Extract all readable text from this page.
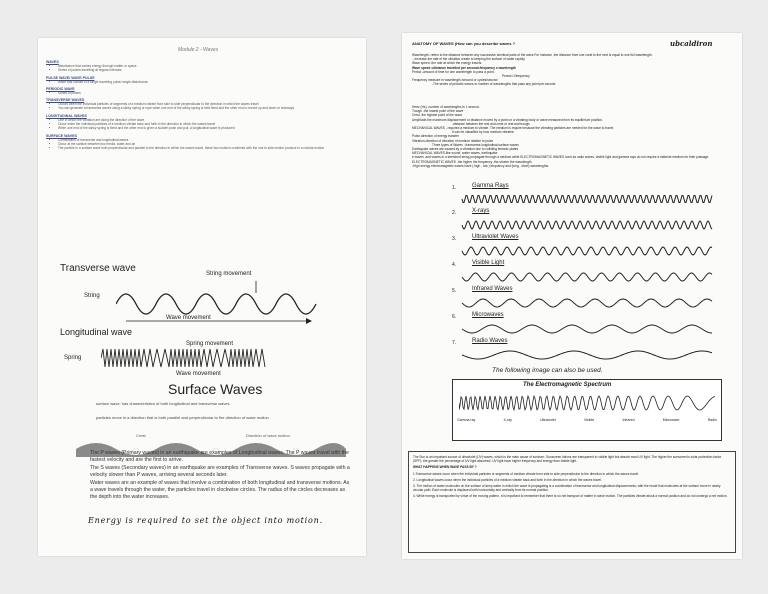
Module 2 - Waves
WAVES
• disturbance that carries energy through matter or space
• Series of pulses travelling at regular intervals
PULSE WAVE/ WAVE PULSE
• Wave that consist of a single travelling pulse/ single disturbance
PERIODIC WAVE
• Series of pulses
TRANSVERSE WAVES
• Occurs when the individual particles of segments of a medium vibrate from side to side perpendicular to the direction in which the waves travel
• You can generate a transverse waves using a slinky spring or rope when one end of the slinky spring is held fixed and the other end is moved up and down or sideways
LONGITUDINAL WAVES
• One in which the vibration are along the direction of the wave
• Occur when the individual particles of a medium vibrate back and forth in the direction in which the waves travel
• When one end of the slinky spring is fixed and the other end is given a sudden push and pull, a longitudinal wave is produced
SURFACE WAVES
• Combination of transverse and longitudinal waves
• Occur at the surface between two media, water and air
• The particle in a surface wave both perpendicular and parallel to the direction in which the waves travel, these two motions combined with the one to side motion produce in a circular motion
Transverse wave	String movement
String
Wave movement
Longitudinal wave
Spring movement
Spring
Wave movement
Surface Waves
surface wave: has characteristics of both longitudinal and transverse waves
particles move in a direction that is both parallel and perpendicular to the direction of wave motion
Crest	Direction of wave motion
The P waves (Primary waves) in an earthquake are examples of Longitudinal waves. The P waves travel with the fastest velocity and are the first to arrive.
The S waves (Secondary waves) in an earthquake are examples of Transverse waves. S waves propagate with a velocity slower than P waves, arriving several seconds later.
Water waves are an example of waves that involve a combination of both longitudinal and transverse motions. As a wave travels through the water, the particles travel in clockwise circles. The radius of the circles decreases as the depth into the water increases.
Energy is required to set the object into motion.
ANATOMY OF WAVES (How can you describe waves ?	ubcaldiron
Wavelength- refers to the distance between any successive identical parts of the wave.For instance ,the distance from one crest to the next is equal to one full wavelength.
...increase the rate of the vibration create to keeping the surface of water rapidly.
Wave speed -the rate at which the energy travels.
Wave speed =distance travelled per second=frequency x wavelength
Period -amount of time for one wavelength to pass a point.
Period=1/frequency
Frequency measure in wavelength /second or cycles/second
-The series of periodic waves or number of wavelengths that pass any point per second
Hertz (Hz)- number of wavelengths in 1 second.
Trough -the lowest point of the wave
Crest -the highest point of the wave
Amplitude-the maximum displacement or distance moved by a point on a vibrating body or wave measured from its equilibrium position.
-distance between the rest and crest or rest and trough.
MECHANICAL WAVES - required a medium to vibrate. The medium is require because the vibrating particles are needed for the wave to travel.
It can be classified by how medium vibrates:
Pulse-direction of energy transfer
Vibration-direction of vibration of medium relative to pulse
Three types of Waves : transverse,longitudinal,surface waves
Earthquake waves are caused by a vibration due to colliding tectonic plates
MECHANICAL WAVES-like sound, water waves, earthquake
e waves ,and waves in a stretched string propagate through a medium while ELECTROMAGNETIC WAVES such as radio waves, visible light and gamma rays do not require a material medium for their passage.
ELECTROMAGNETIC WAVES -the higher the frequency ,the shorter the wavelength
-High energy electromagnetic waves have ( high , low ) frequency and (long , short) wavelengths.
1.	Gamma Rays
2.	X-rays
3.	Ultraviolet Waves
4.	Visible Light
5.	Infrared Waves
6.	Microwaves
7.	Radio Waves
The following image can also be used.
The Electromagnetic Spectrum
Gamma ray	X-ray	Ultraviolet	Visible	Infrared	Microwave	Radio
The Sun is an important source of ultraviolet (UV) waves, which is the main cause of sunburn. Sunscreen lotions are transparent to visible light but absorb most UV light. The higher the sunscreen's solar protection factor (SPF), the greater the percentage of UV light absorbed. UV light have higher frequency and energy than visible light.
WHAT HAPPENS WHEN WAVE PASS BY ?
1.Transverse waves occur when the individual particles or segments of medium vibrate from side to side perpendicular to the direction in which the waves travel.
2. Longitudinal waves occur when the individual particles of a medium vibrate back and forth in the direction in which the waves travel.
3. The motion of water molecules on the surface of deep water in which the wave is propagating is a combination of transverse and longitudinal displacements, with the result that molecules at the surface move in nearly circular path. Each molecule is displaced both horizontally and vertically from its normal position.
4. While energy is transported by virtue of the moving pattern, it is important to remember that there is no net transport of matter in wave motion. The particles vibrate about a normal position and do not undergo a net motion.
